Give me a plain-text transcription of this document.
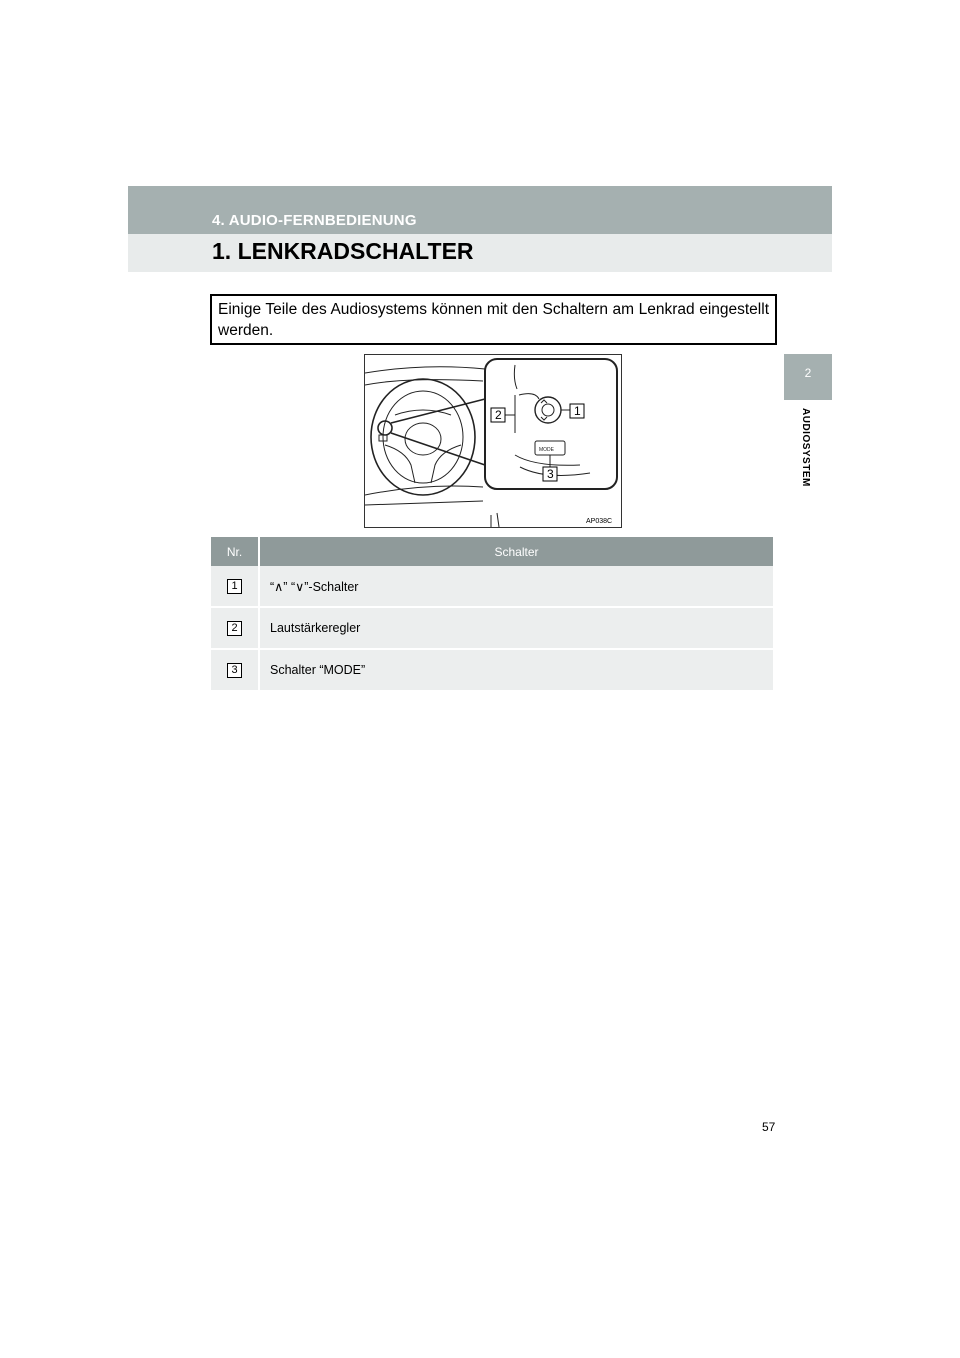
4. AUDIO-FERNBEDIENUNG
1. LENKRADSCHALTER
2
AUDIOSYSTEM
Einige Teile des Audiosystems können mit den Schaltern am Lenkrad eingestellt werden.
MODE
1
2
3
AP038C
Nr.	Schalter
1	“∧” “∨”-Schalter
2	Lautstärkeregler
3	Schalter “MODE”
57
